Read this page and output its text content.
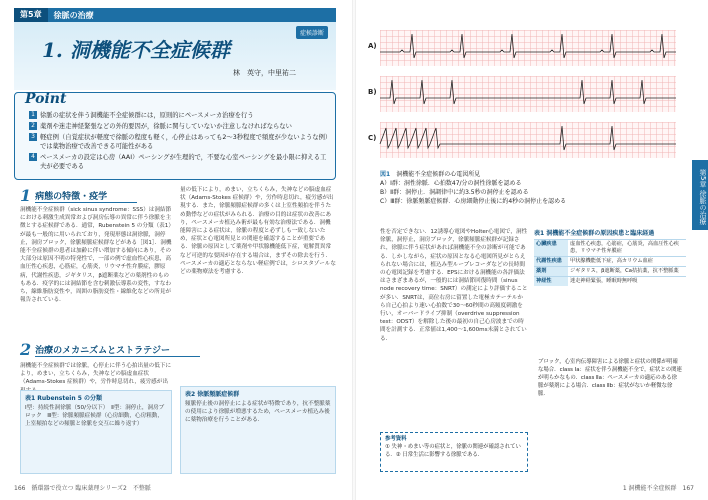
第5章	徐脈の治療
1. 洞機能不全症候群
症候診断
林　英守，中里祐二
Point
1 徐脈の症状を伴う洞機能不全症候群には，原則的にペースメーカ治療を行う
2 薬剤や迷走神経緊張などの外的要因が，徐脈に関与していないか注意しなければならない
3 軽症例（自覚症状が軽度で徐脈の程度も軽く，心停止はあっても2〜3秒程度で頻度が少ないような例）では薬物治療で改善できる可能性がある
4 ペースメーカの設定は心房（AAI）ペーシングが生理的で，不要な心室ペーシングを最小限に抑える工夫が必要である
1 病態の特徴・疫学
洞機能不全症候群（sick sinus syndrome：SSS）は洞結節における刺激生成異常および洞房伝導の異常に伴う徐脈を主徴とする症候群である．通常，Rubenstein 5 の分類（表1）が最も一般的に用いられており，発現形態は洞徐脈，洞停止，洞房ブロック，徐脈頻脈症候群などがある［図1］．洞機能不全症候群の患者は加齢に伴い増加する傾向にあり，その大部分は原因不明の特発性で，一部の例で虚血性心疾患，高血圧性心疾患，心筋症，心筋炎，リウマチ性弁膜症，膠原病，代謝性疾患，ジギタリス，β遮断薬などの薬剤性のものもある．疫学的には洞結節を含む刺激伝導系の変性，すなわち，線維脂肪変性や，周囲の脂肪変性・線維化などの所見が報告されている．
2 治療のメカニズムとストラテジー
洞機能不全症候群では徐脈，心停止に伴う心拍出量の低下により，めまい，立ちくらみ，失神などの脳虚血症状（Adams-Stokes 症候群）や，労作時息切れ，疲労感が出
表1 Rubenstein 5 の分類
Ⅰ型：持続性洞徐脈（50/分以下）　Ⅱ型：洞停止，洞房ブロック　Ⅲ型：徐脈頻脈症候群（心房細動，心房粗動，上室頻拍などの頻脈と徐脈を交互に繰り返す）
量の低下により，めまい，立ちくらみ，失神などの脳虚血症状（Adams-Stokes 症候群）や，労作時息切れ，疲労感が出現する．また，徐脈頻脈症候群の多くは上室性頻拍を伴うため動悸などの症状がみられる．治療の目的は症状の改善にあり，ペースメーカ植込み術が最も有効な治療法である．洞機能障害による症状は，徐脈の程度と必ずしも一致しないため，症状と心電図所見との関連を確認することが重要である．徐脈の原因として薬剤や甲状腺機能低下症，電解質異常など可逆的な要因が存在する場合は，まずその除去を行う．ペースメーカの適応とならない軽症例では，シロスタゾールなどの薬物療法を考慮する．
表2 徐脈頻脈症候群
頻脈停止後の洞停止による症状が特徴であり，抗不整脈薬の使用により徐脈が増悪するため，ペースメーカ植込み後に薬物治療を行うことがある．
166　循環器で役立つ 臨床薬理シリーズ2　不整脈
A)
B)
C)
図1　 洞機能不全症候群の心電図所見
A）Ⅰ群：洞性徐脈．心拍数47/分の洞性徐脈を認める
B）Ⅱ群：洞停止．洞調律中に約3.5秒の洞停止を認める
C）Ⅲ群：徐脈頻脈症候群．心房細動停止後に約4秒の洞停止を認める	第5章 徐脈の治療
性を否定できない．12誘導心電図やHolter心電図で，洞性徐脈，洞停止，洞房ブロック，徐脈頻脈症候群が記録され，徐脈に伴う症状があれば洞機能不全の診断が可能である．しかしながら，症状の原因となる心電図所見がとらえられない場合には，植込み型ループレコーダなどの長時間の心電図記録を考慮する．EPSにおける洞機能の各評価法はさまざまあるが，一般的には洞結節回復時間（sinus node recovery time：SNRT）の測定により評価することが多い．SNRTは，高位右房に留置した電極カテーテルから自己心拍より速い心拍数で30〜60秒間の高頻度刺激を行い，オーバードライブ抑制（overdrive suppression test：ODST）を解除した後の最初の自己心房波までの時間を計測する．正常値は1,400〜1,600ms未満とされている．
表1 洞機能不全症候群の原因疾患と臨床経過
心臓疾患	虚血性心疾患，心筋症，心筋炎，高血圧性心疾患，リウマチ性弁膜症
代謝性疾患	甲状腺機能低下症，高カリウム血症
薬剤	ジギタリス，β遮断薬，Ca拮抗薬，抗不整脈薬
神経性	迷走神経緊張，睡眠時無呼吸
ブロック，心室内伝導障害による徐脈と症状の関係が明確な場合．class Ⅰa：症状を伴う洞機能不全で，症状との関連が明らかなもの．class Ⅱa：ペースメーカの適応のある徐脈が薬剤による場合．class Ⅱb：症状がないか軽微な徐脈．
参考資料
① 失神・めまい等の症状と，徐脈の関連が確認されている．② 日常生活に影響する徐脈である．
1 洞機能不全症候群　167
